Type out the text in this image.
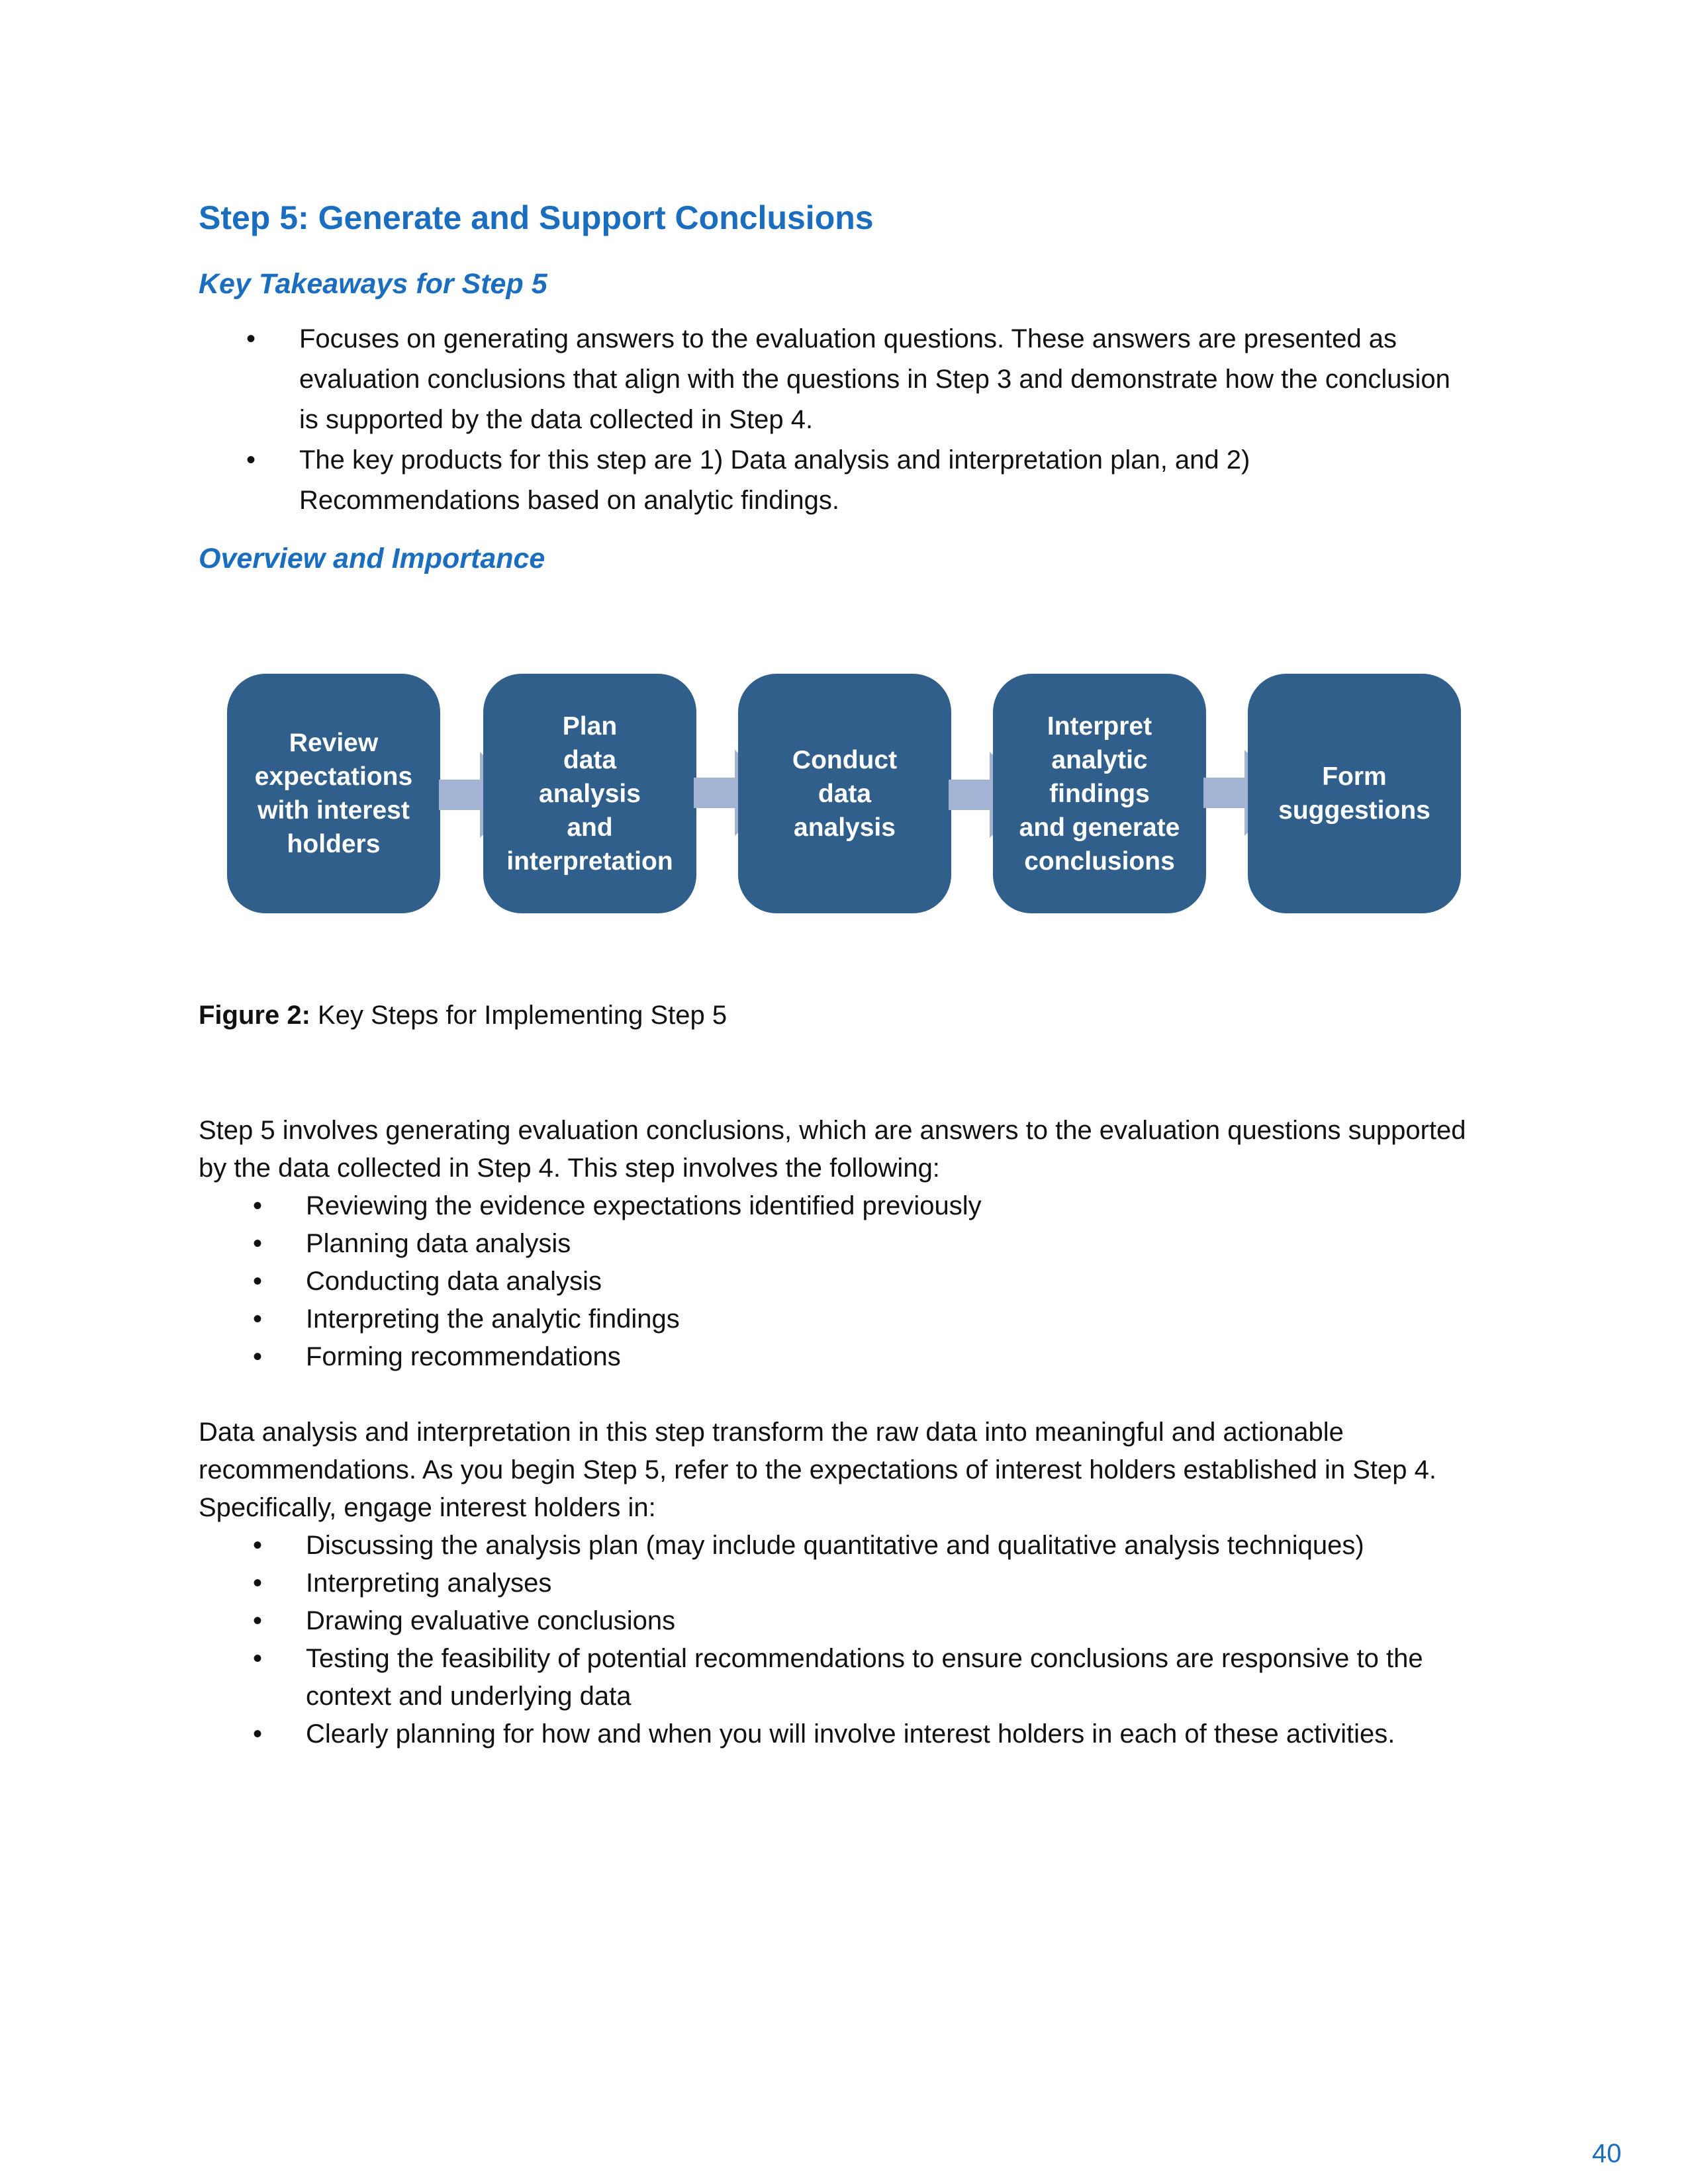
Step 5: Generate and Support Conclusions
Key Takeaways for Step 5
• Focuses on generating answers to the evaluation questions. These answers are presented as evaluation conclusions that align with the questions in Step 3 and demonstrate how the conclusion is supported by the data collected in Step 4.
• The key products for this step are 1) Data analysis and interpretation plan, and 2) Recommendations based on analytic findings.
Overview and Importance
Review
expectations
with interest
holders
Plan
data
analysis
and
interpretation
Conduct
data
analysis
Interpret
analytic
findings
and generate
conclusions
Form
suggestions

Figure 2: Key Steps for Implementing Step 5

Step 5 involves generating evaluation conclusions, which are answers to the evaluation questions supported by the data collected in Step 4. This step involves the following:

• Reviewing the evidence expectations identified previously
• Planning data analysis
• Conducting data analysis
• Interpreting the analytic findings
• Forming recommendations

Data analysis and interpretation in this step transform the raw data into meaningful and actionable recommendations. As you begin Step 5, refer to the expectations of interest holders established in Step 4. Specifically, engage interest holders in:

• Discussing the analysis plan (may include quantitative and qualitative analysis techniques)
• Interpreting analyses
• Drawing evaluative conclusions
• Testing the feasibility of potential recommendations to ensure conclusions are responsive to the context and underlying data
• Clearly planning for how and when you will involve interest holders in each of these activities.

40
